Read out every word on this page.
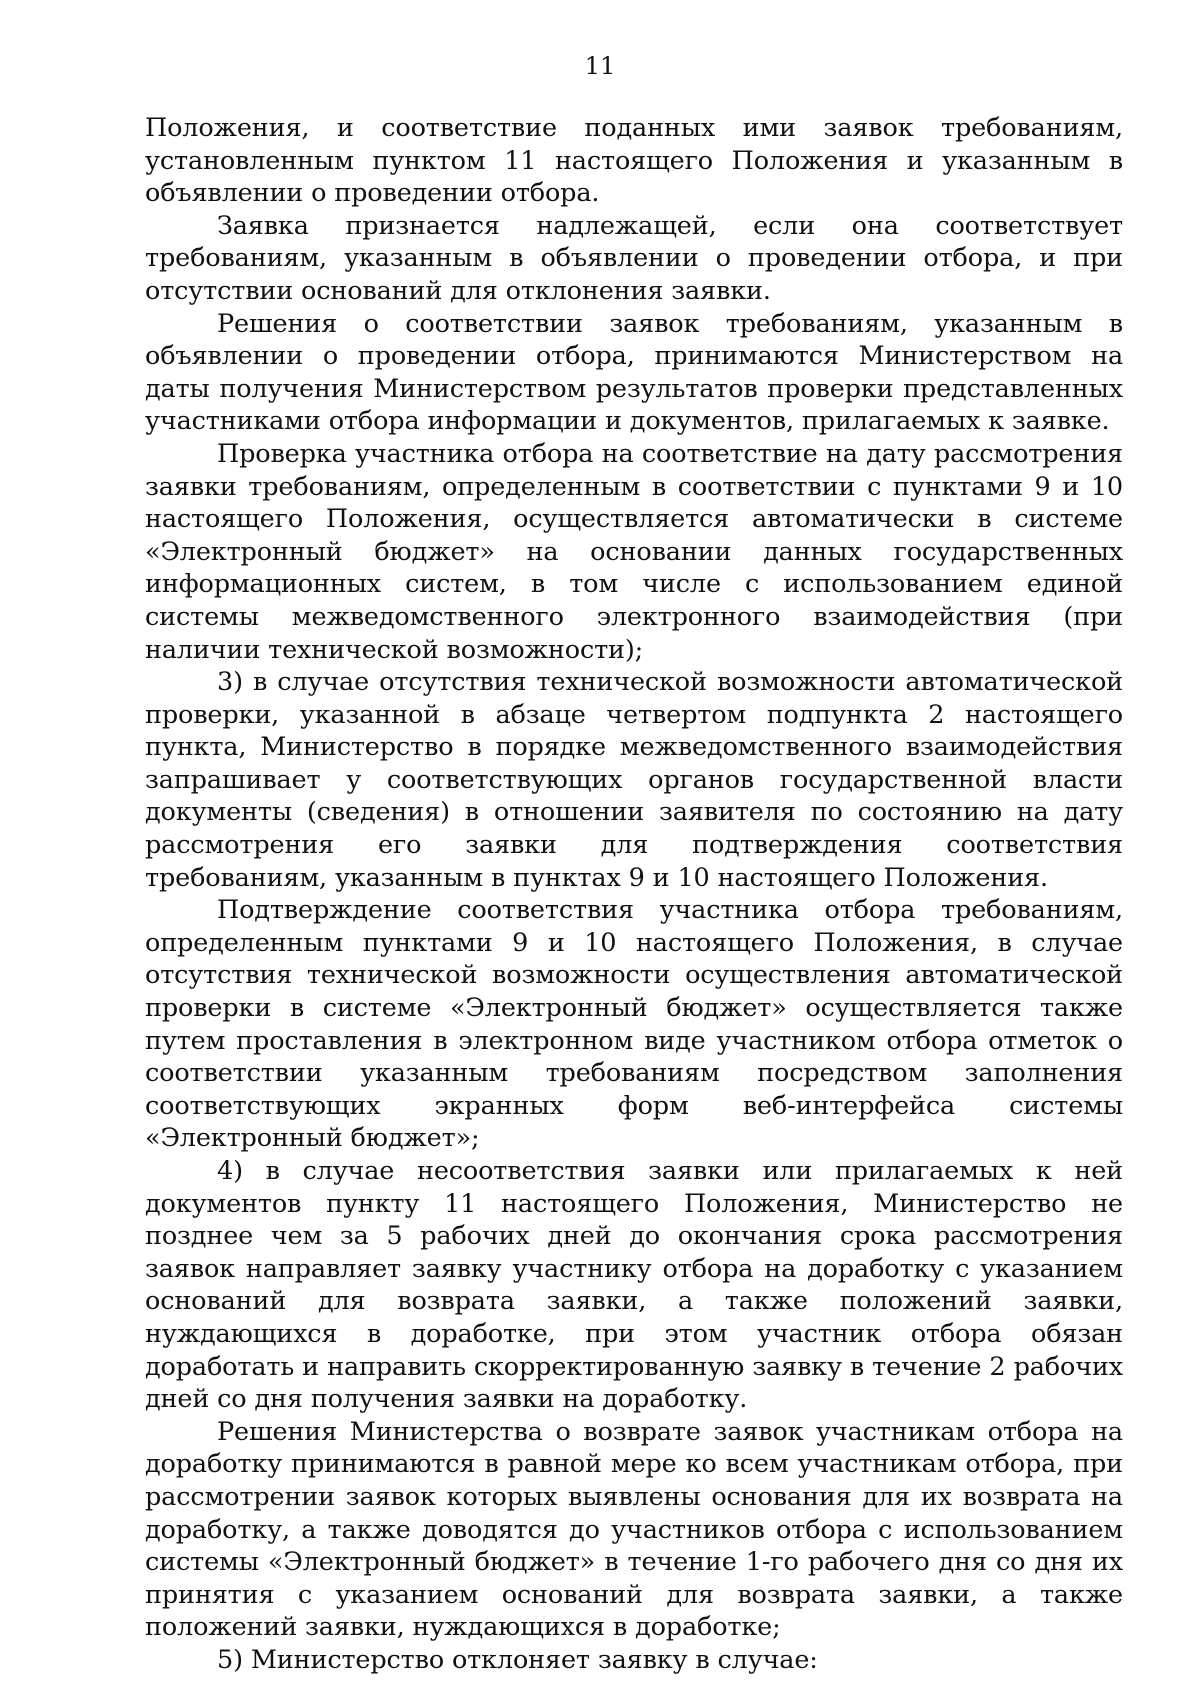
11

Положения, и соответствие поданных ими заявок требованиям, установленным пунктом 11 настоящего Положения и указанным в объявлении о проведении отбора.

Заявка признается надлежащей, если она соответствует требованиям, указанным в объявлении о проведении отбора, и при отсутствии оснований для отклонения заявки.

Решения о соответствии заявок требованиям, указанным в объявлении о проведении отбора, принимаются Министерством на даты получения Министерством результатов проверки представленных участниками отбора информации и документов, прилагаемых к заявке.

Проверка участника отбора на соответствие на дату рассмотрения заявки требованиям, определенным в соответствии с пунктами 9 и 10 настоящего Положения, осуществляется автоматически в системе «Электронный бюджет» на основании данных государственных информационных систем, в том числе с использованием единой системы межведомственного электронного взаимодействия (при наличии технической возможности);

3) в случае отсутствия технической возможности автоматической проверки, указанной в абзаце четвертом подпункта 2 настоящего пункта, Министерство в порядке межведомственного взаимодействия запрашивает у соответствующих органов государственной власти документы (сведения) в отношении заявителя по состоянию на дату рассмотрения его заявки для подтверждения соответствия требованиям, указанным в пунктах 9 и 10 настоящего Положения.

Подтверждение соответствия участника отбора требованиям, определенным пунктами 9 и 10 настоящего Положения, в случае отсутствия технической возможности осуществления автоматической проверки в системе «Электронный бюджет» осуществляется также путем проставления в электронном виде участником отбора отметок о соответствии указанным требованиям посредством заполнения соответствующих экранных форм веб-интерфейса системы «Электронный бюджет»;

4) в случае несоответствия заявки или прилагаемых к ней документов пункту 11 настоящего Положения, Министерство не позднее чем за 5 рабочих дней до окончания срока рассмотрения заявок направляет заявку участнику отбора на доработку с указанием оснований для возврата заявки, а также положений заявки, нуждающихся в доработке, при этом участник отбора обязан доработать и направить скорректированную заявку в течение 2 рабочих дней со дня получения заявки на доработку.

Решения Министерства о возврате заявок участникам отбора на доработку принимаются в равной мере ко всем участникам отбора, при рассмотрении заявок которых выявлены основания для их возврата на доработку, а также доводятся до участников отбора с использованием системы «Электронный бюджет» в течение 1-го рабочего дня со дня их принятия с указанием оснований для возврата заявки, а также положений заявки, нуждающихся в доработке;

5) Министерство отклоняет заявку в случае:
